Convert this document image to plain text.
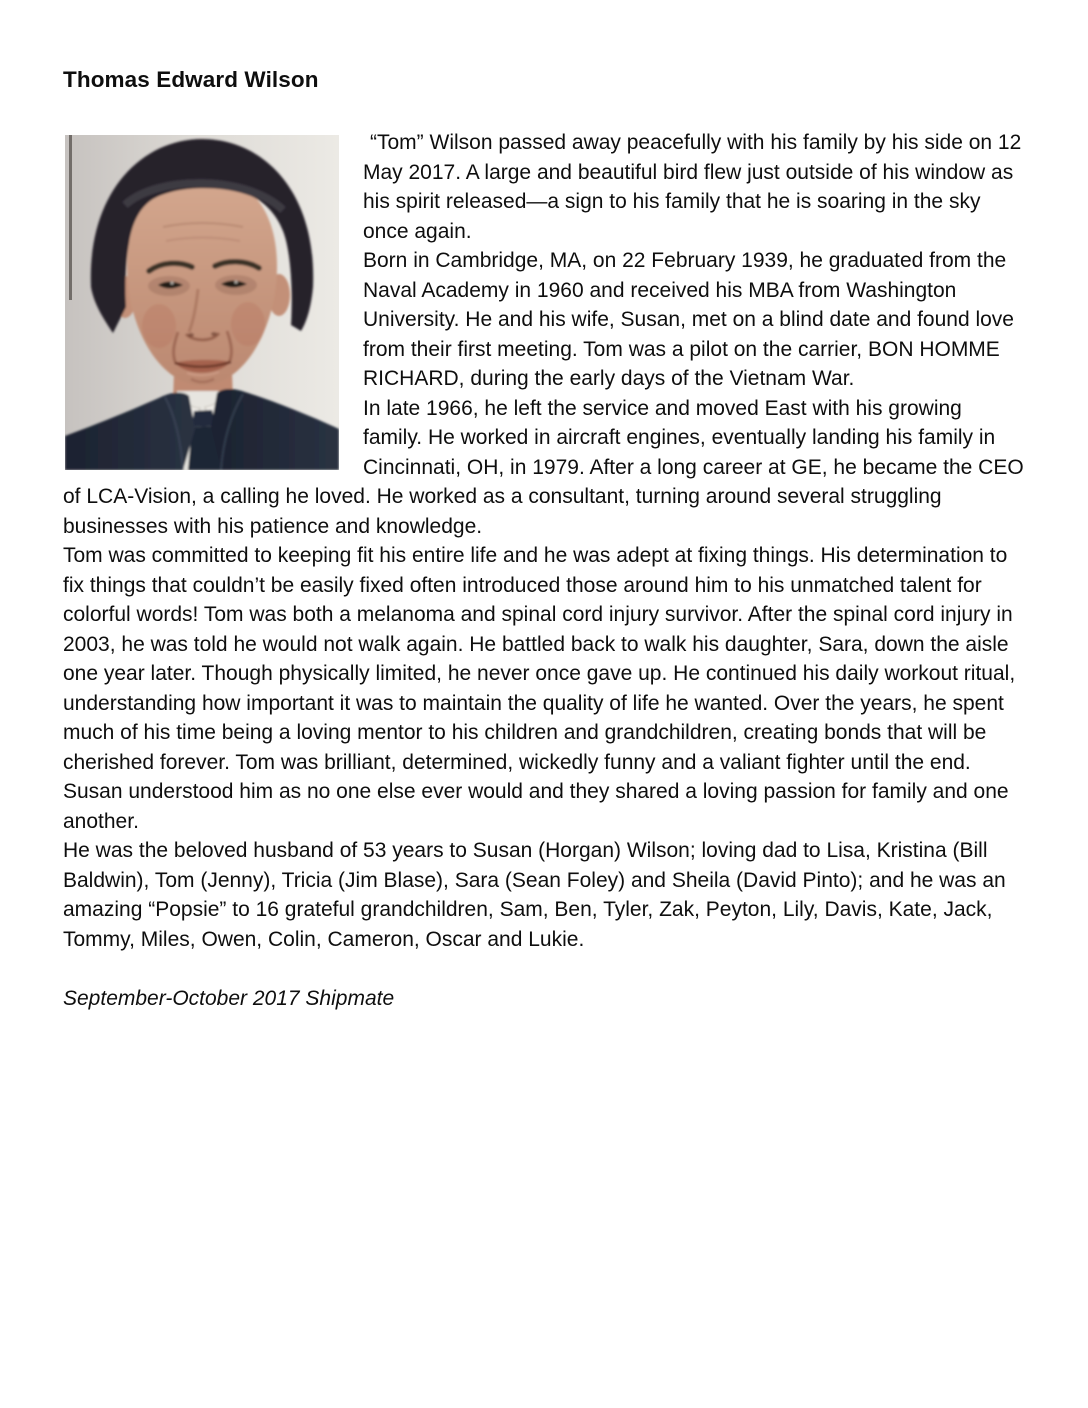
Thomas Edward Wilson

“Tom” Wilson passed away peacefully with his family by his side on 12 May 2017. A large and beautiful bird flew just outside of his window as his spirit released—a sign to his family that he is soaring in the sky once again.

Born in Cambridge, MA, on 22 February 1939, he graduated from the Naval Academy in 1960 and received his MBA from Washington University. He and his wife, Susan, met on a blind date and found love from their first meeting. Tom was a pilot on the carrier, BON HOMME RICHARD, during the early days of the Vietnam War.

In late 1966, he left the service and moved East with his growing family. He worked in aircraft engines, eventually landing his family in Cincinnati, OH, in 1979. After a long career at GE, he became the CEO of LCA-Vision, a calling he loved. He worked as a consultant, turning around several struggling businesses with his patience and knowledge.

Tom was committed to keeping fit his entire life and he was adept at fixing things. His determination to fix things that couldn’t be easily fixed often introduced those around him to his unmatched talent for colorful words! Tom was both a melanoma and spinal cord injury survivor. After the spinal cord injury in 2003, he was told he would not walk again. He battled back to walk his daughter, Sara, down the aisle one year later. Though physically limited, he never once gave up. He continued his daily workout ritual, understanding how important it was to maintain the quality of life he wanted. Over the years, he spent much of his time being a loving mentor to his children and grandchildren, creating bonds that will be cherished forever. Tom was brilliant, determined, wickedly funny and a valiant fighter until the end. Susan understood him as no one else ever would and they shared a loving passion for family and one another.

He was the beloved husband of 53 years to Susan (Horgan) Wilson; loving dad to Lisa, Kristina (Bill Baldwin), Tom (Jenny), Tricia (Jim Blase), Sara (Sean Foley) and Sheila (David Pinto); and he was an amazing “Popsie” to 16 grateful grandchildren, Sam, Ben, Tyler, Zak, Peyton, Lily, Davis, Kate, Jack, Tommy, Miles, Owen, Colin, Cameron, Oscar and Lukie.

September-October 2017 Shipmate
